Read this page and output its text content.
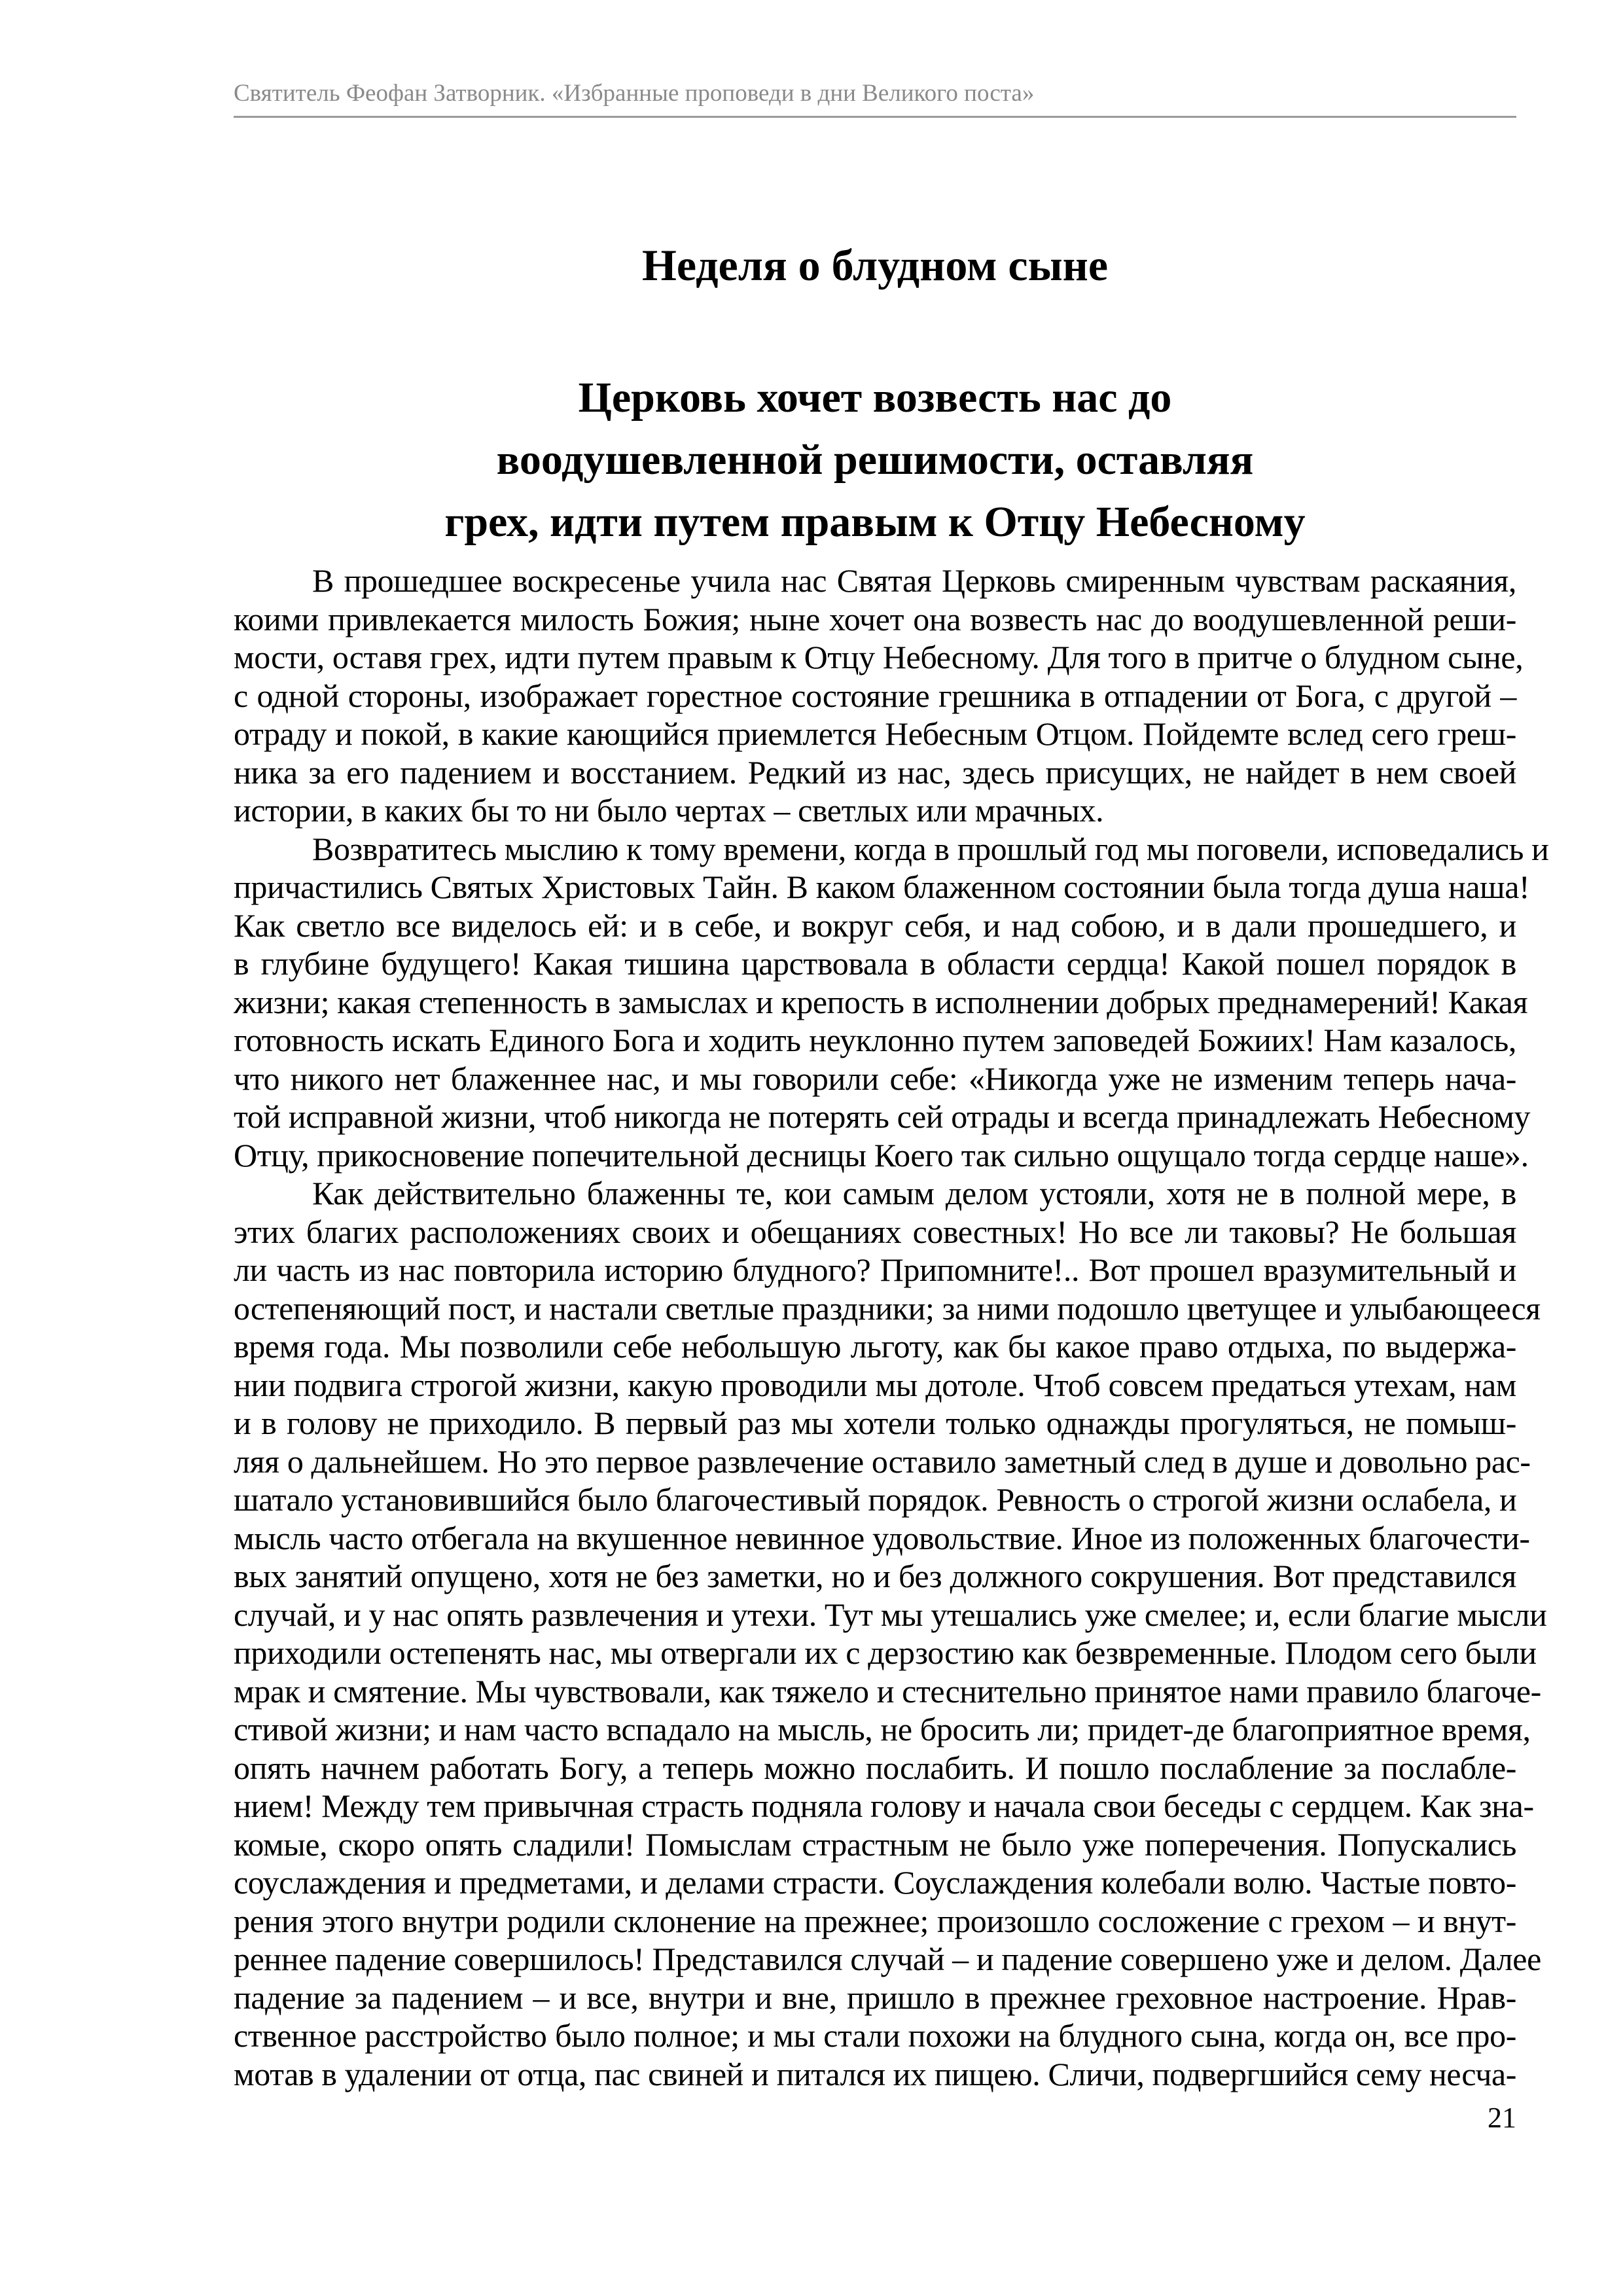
Святитель Феофан Затворник. «Избранные проповеди в дни Великого поста»
Неделя о блудном сыне
Церковь хочет возвесть нас до
воодушевленной решимости, оставляя
грех, идти путем правым к Отцу Небесному
В прошедшее воскресенье учила нас Святая Церковь смиренным чувствам раскаяния,
коими привлекается милость Божия; ныне хочет она возвесть нас до воодушевленной реши-
мости, оставя грех, идти путем правым к Отцу Небесному. Для того в притче о блудном сыне,
с одной стороны, изображает горестное состояние грешника в отпадении от Бога, с другой –
отраду и покой, в какие кающийся приемлется Небесным Отцом. Пойдемте вслед сего греш-
ника за его падением и восстанием. Редкий из нас, здесь присущих, не найдет в нем своей
истории, в каких бы то ни было чертах – светлых или мрачных.
Возвратитесь мыслию к тому времени, когда в прошлый год мы поговели, исповедались и
причастились Святых Христовых Тайн. В каком блаженном состоянии была тогда душа наша!
Как светло все виделось ей: и в себе, и вокруг себя, и над собою, и в дали прошедшего, и
в глубине будущего! Какая тишина царствовала в области сердца! Какой пошел порядок в
жизни; какая степенность в замыслах и крепость в исполнении добрых преднамерений! Какая
готовность искать Единого Бога и ходить неуклонно путем заповедей Божиих! Нам казалось,
что никого нет блаженнее нас, и мы говорили себе: «Никогда уже не изменим теперь нача-
той исправной жизни, чтоб никогда не потерять сей отрады и всегда принадлежать Небесному
Отцу, прикосновение попечительной десницы Коего так сильно ощущало тогда сердце наше».
Как действительно блаженны те, кои самым делом устояли, хотя не в полной мере, в
этих благих расположениях своих и обещаниях совестных! Но все ли таковы? Не большая
ли часть из нас повторила историю блудного? Припомните!.. Вот прошел вразумительный и
остепеняющий пост, и настали светлые праздники; за ними подошло цветущее и улыбающееся
время года. Мы позволили себе небольшую льготу, как бы какое право отдыха, по выдержа-
нии подвига строгой жизни, какую проводили мы дотоле. Чтоб совсем предаться утехам, нам
и в голову не приходило. В первый раз мы хотели только однажды прогуляться, не помыш-
ляя о дальнейшем. Но это первое развлечение оставило заметный след в душе и довольно рас-
шатало установившийся было благочестивый порядок. Ревность о строгой жизни ослабела, и
мысль часто отбегала на вкушенное невинное удовольствие. Иное из положенных благочести-
вых занятий опущено, хотя не без заметки, но и без должного сокрушения. Вот представился
случай, и у нас опять развлечения и утехи. Тут мы утешались уже смелее; и, если благие мысли
приходили остепенять нас, мы отвергали их с дерзостию как безвременные. Плодом сего были
мрак и смятение. Мы чувствовали, как тяжело и стеснительно принятое нами правило благоче-
стивой жизни; и нам часто вспадало на мысль, не бросить ли; придет-де благоприятное время,
опять начнем работать Богу, а теперь можно послабить. И пошло послабление за послабле-
нием! Между тем привычная страсть подняла голову и начала свои беседы с сердцем. Как зна-
комые, скоро опять сладили! Помыслам страстным не было уже поперечения. Попускались
соуслаждения и предметами, и делами страсти. Соуслаждения колебали волю. Частые повто-
рения этого внутри родили склонение на прежнее; произошло сосложение с грехом – и внут-
реннее падение совершилось! Представился случай – и падение совершено уже и делом. Далее
падение за падением – и все, внутри и вне, пришло в прежнее греховное настроение. Нрав-
ственное расстройство было полное; и мы стали похожи на блудного сына, когда он, все про-
мотав в удалении от отца, пас свиней и питался их пищею. Сличи, подвергшийся сему несча-
21
